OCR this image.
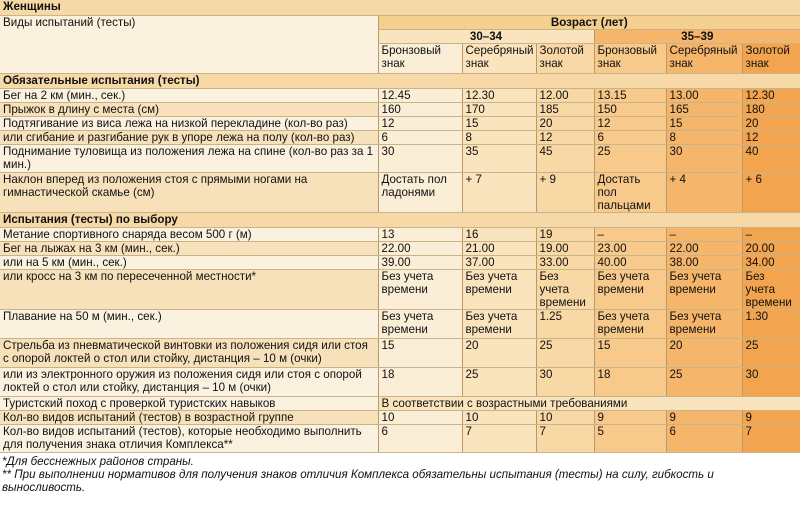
Женщины						
Виды испытаний (тесты)	Возраст (лет)					
	30–34			35–39		
	Бронзовый знак	Серебряный знак	Золотой знак	Бронзовый знак	Серебряный знак	Золотой знак
Обязательные испытания (тесты)						
Бег на 2 км (мин., сек.)	12.45	12.30	12.00	13.15	13.00	12.30
Прыжок в длину с места (см)	160	170	185	150	165	180
Подтягивание из виса лежа на низкой перекладине (кол-во раз)	12	15	20	12	15	20
или сгибание и разгибание рук в упоре лежа на полу (кол-во раз)	6	8	12	6	8	12
Поднимание туловища из положения лежа на спине (кол-во раз за 1 мин.)	30	35	45	25	30	40
Наклон вперед из положения стоя с прямыми ногами на гимнастической скамье (см)	Достать пол ладонями	+ 7	+ 9	Достать пол пальцами	+ 4	+ 6
Испытания (тесты) по выбору						
Метание спортивного снаряда весом 500 г (м)	13	16	19	–	–	–
Бег на лыжах на 3 км (мин., сек.)	22.00	21.00	19.00	23.00	22.00	20.00
или на 5 км (мин., сек.)	39.00	37.00	33.00	40.00	38.00	34.00
или кросс на 3 км по пересеченной местности*	Без учета времени	Без учета времени	Без учета времени	Без учета времени	Без учета времени	Без учета времени
Плавание на 50 м (мин., сек.)	Без учета времени	Без учета времени	1.25	Без учета времени	Без учета времени	1.30
Стрельба из пневматической винтовки из положения сидя или стоя с опорой локтей о стол или стойку, дистанция – 10 м (очки)	15	20	25	15	20	25
или из электронного оружия из положения сидя или стоя с опорой локтей о стол или стойку, дистанция – 10 м (очки)	18	25	30	18	25	30
Туристский поход с проверкой туристских навыков	В соответствии с возрастными требованиями					
Кол-во видов испытаний (тестов) в возрастной группе	10	10	10	9	9	9
Кол-во видов испытаний (тестов), которые необходимо выполнить для получения знака отличия Комплекса**	6	7	7	5	6	7
*Для бесснежных районов страны.
** При выполнении нормативов для получения знаков отличия Комплекса обязательны испытания (тесты) на силу, гибкость и выносливость.
